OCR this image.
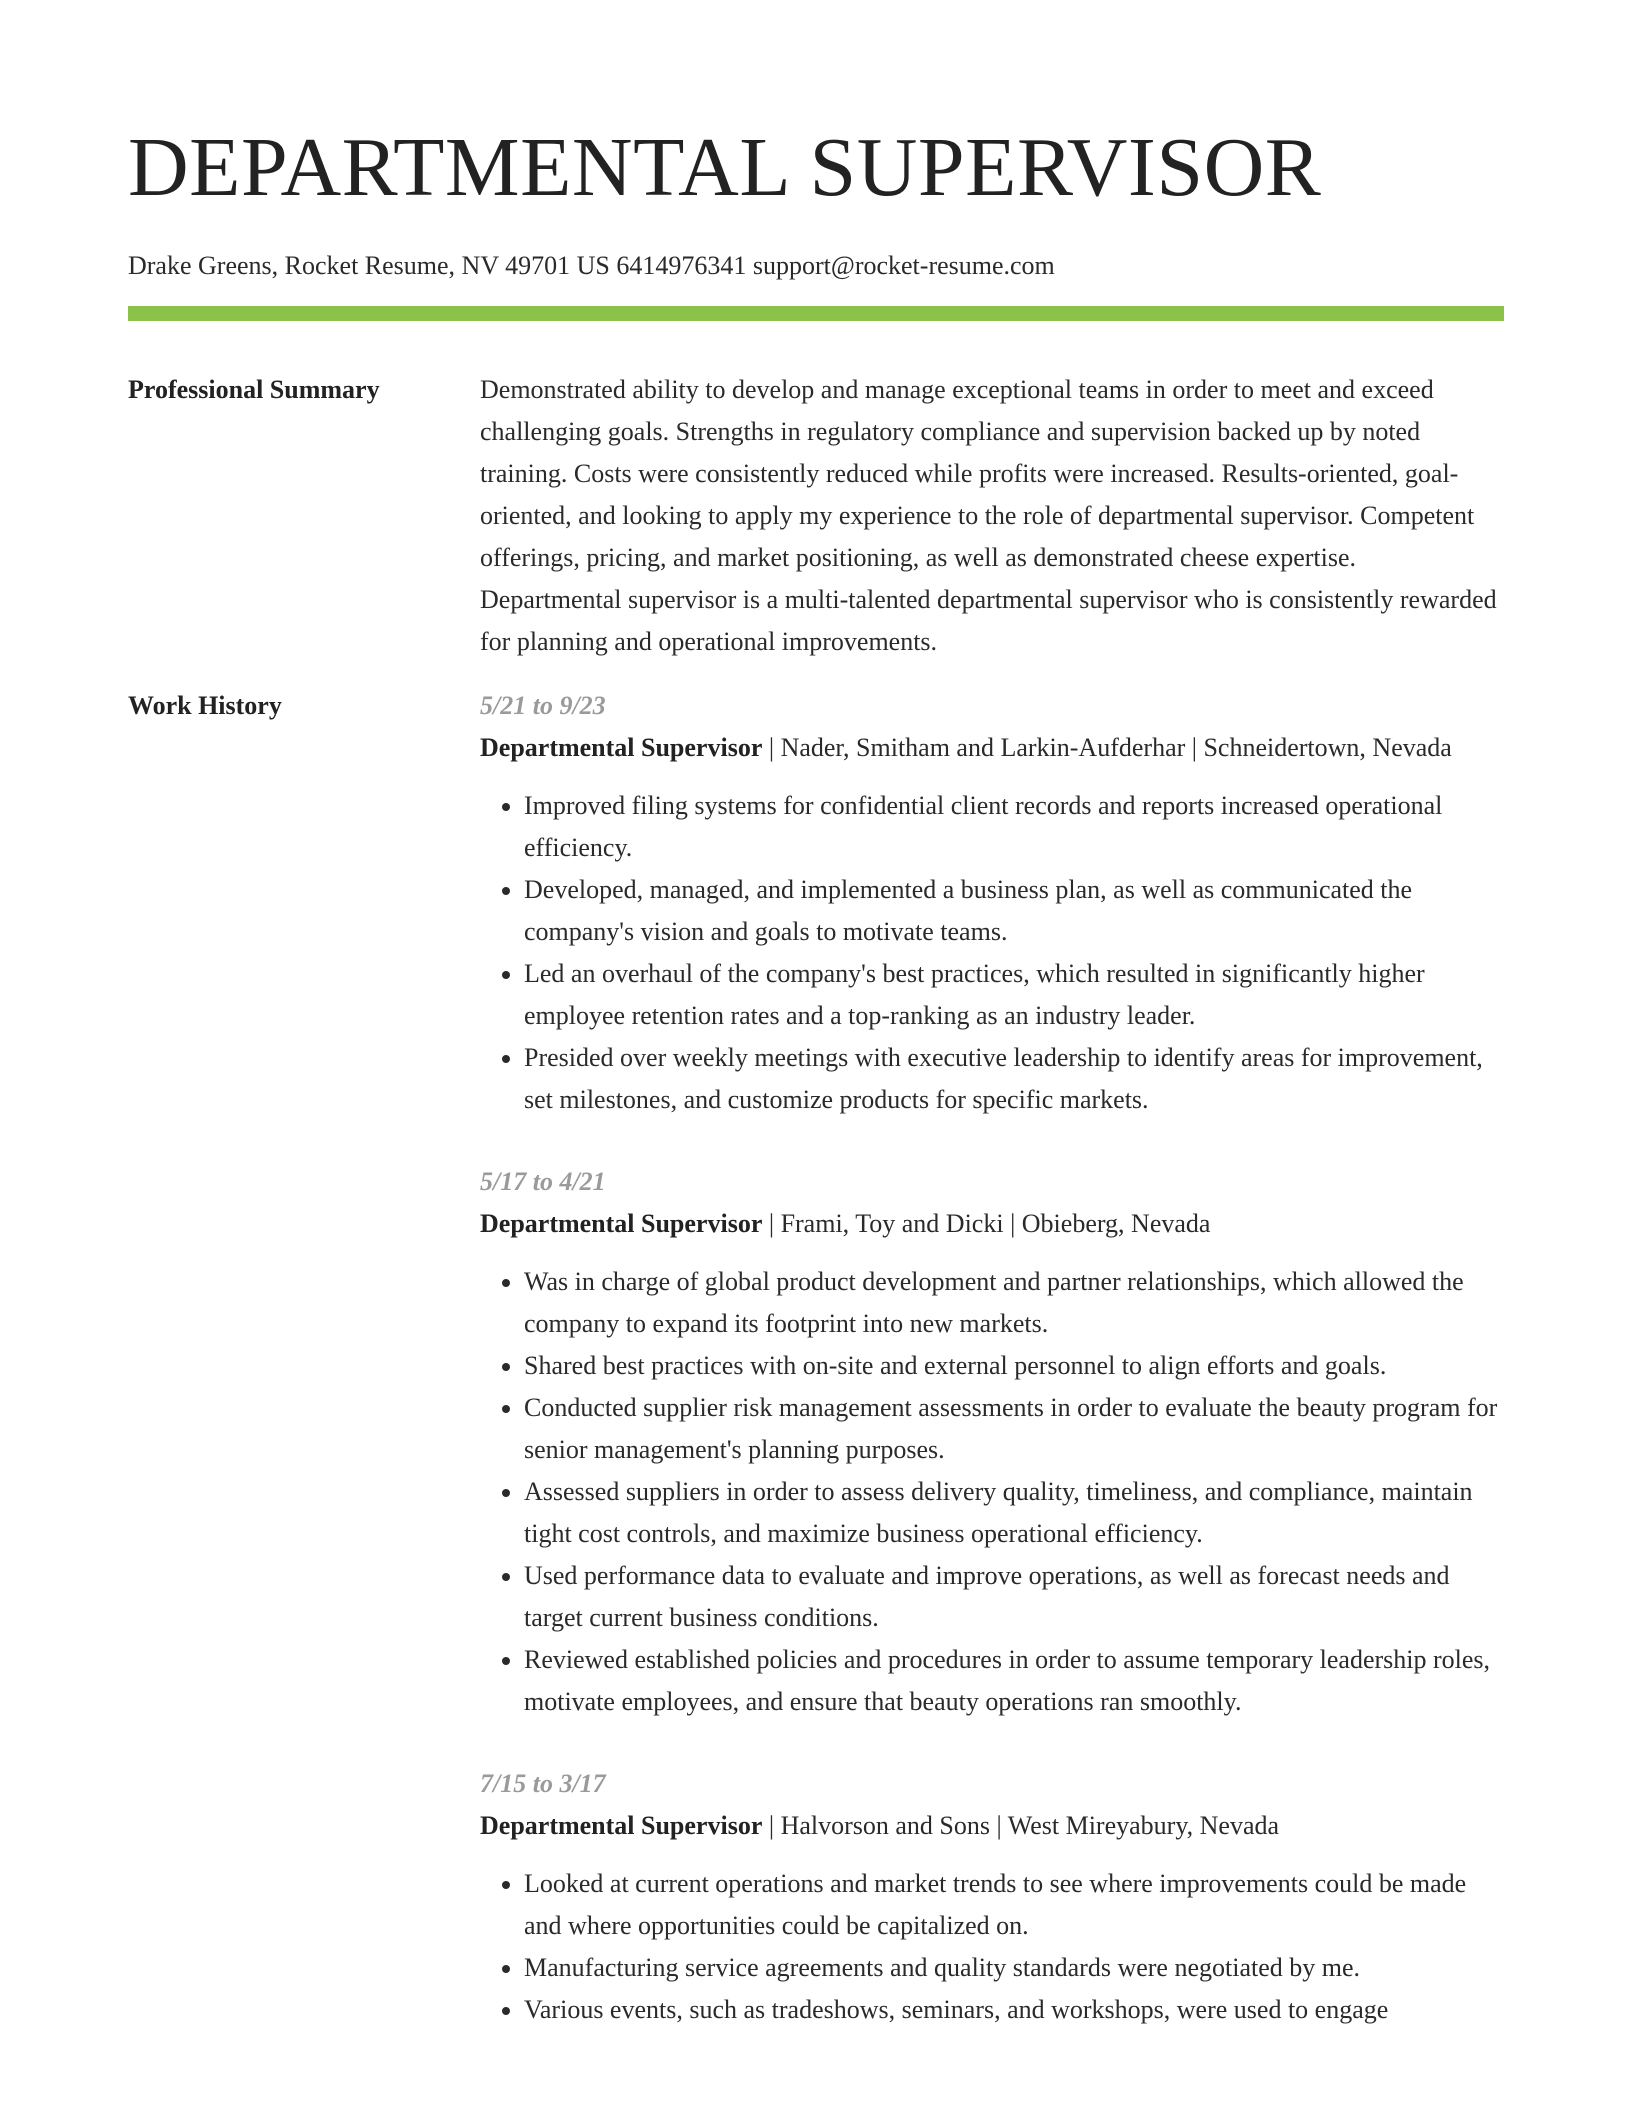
DEPARTMENTAL SUPERVISOR
Drake Greens, Rocket Resume, NV 49701 US 6414976341 support@rocket-resume.com
Professional Summary	Demonstrated ability to develop and manage exceptional teams in order to meet and exceed challenging goals. Strengths in regulatory compliance and supervision backed up by noted training. Costs were consistently reduced while profits were increased. Results-oriented, goal-oriented, and looking to apply my experience to the role of departmental supervisor. Competent offerings, pricing, and market positioning, as well as demonstrated cheese expertise. Departmental supervisor is a multi-talented departmental supervisor who is consistently rewarded for planning and operational improvements.
Work History	5/21 to 9/23
Departmental Supervisor | Nader, Smitham and Larkin-Aufderhar | Schneidertown, Nevada
• Improved filing systems for confidential client records and reports increased operational efficiency.
• Developed, managed, and implemented a business plan, as well as communicated the company's vision and goals to motivate teams.
• Led an overhaul of the company's best practices, which resulted in significantly higher employee retention rates and a top-ranking as an industry leader.
• Presided over weekly meetings with executive leadership to identify areas for improvement, set milestones, and customize products for specific markets.
5/17 to 4/21
Departmental Supervisor | Frami, Toy and Dicki | Obieberg, Nevada
• Was in charge of global product development and partner relationships, which allowed the company to expand its footprint into new markets.
• Shared best practices with on-site and external personnel to align efforts and goals.
• Conducted supplier risk management assessments in order to evaluate the beauty program for senior management's planning purposes.
• Assessed suppliers in order to assess delivery quality, timeliness, and compliance, maintain tight cost controls, and maximize business operational efficiency.
• Used performance data to evaluate and improve operations, as well as forecast needs and target current business conditions.
• Reviewed established policies and procedures in order to assume temporary leadership roles, motivate employees, and ensure that beauty operations ran smoothly.
7/15 to 3/17
Departmental Supervisor | Halvorson and Sons | West Mireyabury, Nevada
• Looked at current operations and market trends to see where improvements could be made and where opportunities could be capitalized on.
• Manufacturing service agreements and quality standards were negotiated by me.
• Various events, such as tradeshows, seminars, and workshops, were used to engage
